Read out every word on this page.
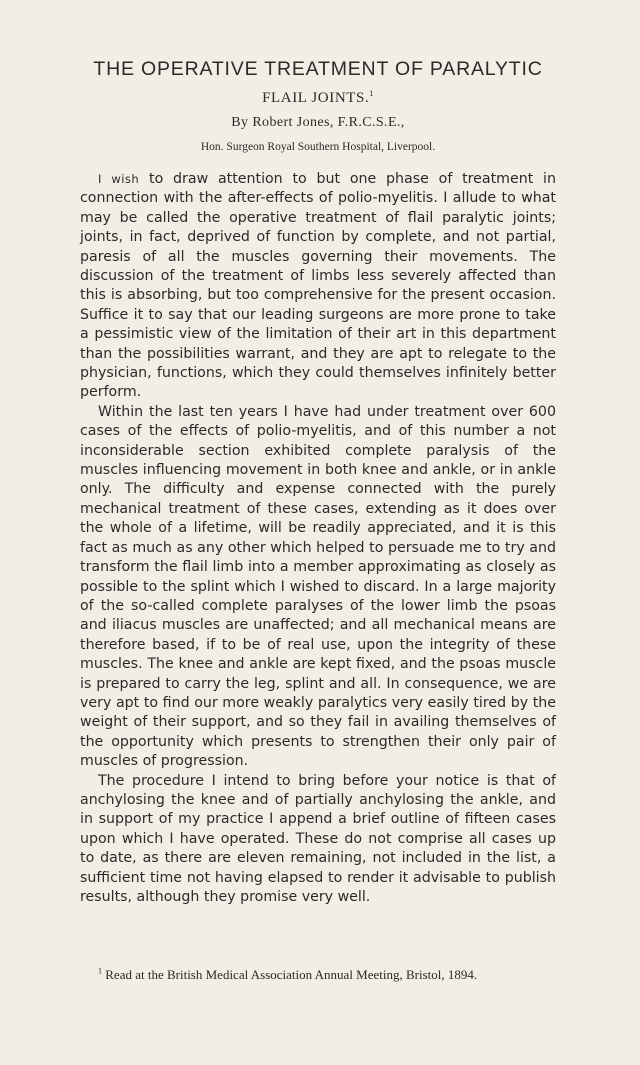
THE OPERATIVE TREATMENT OF PARALYTIC
FLAIL JOINTS.$^1$
By Robert Jones, F.R.C.S.E.,
Hon. Surgeon Royal Southern Hospital, Liverpool.

I wish to draw attention to but one phase of treatment in connection with the after-effects of polio-myelitis. I allude to what may be called the operative treatment of flail paralytic joints; joints, in fact, deprived of function by complete, and not partial, paresis of all the muscles governing their movements. The discussion of the treatment of limbs less severely affected than this is absorbing, but too comprehensive for the present occasion. Suffice it to say that our leading surgeons are more prone to take a pessimistic view of the limitation of their art in this department than the possibilities warrant, and they are apt to relegate to the physician, functions, which they could themselves infinitely better perform.

Within the last ten years I have had under treatment over 600 cases of the effects of polio-myelitis, and of this number a not inconsiderable section exhibited complete paralysis of the muscles influencing movement in both knee and ankle, or in ankle only. The difficulty and expense connected with the purely mechanical treatment of these cases, extending as it does over the whole of a lifetime, will be readily appreciated, and it is this fact as much as any other which helped to persuade me to try and transform the flail limb into a member approximating as closely as possible to the splint which I wished to discard. In a large majority of the so-called complete paralyses of the lower limb the psoas and iliacus muscles are unaffected; and all mechanical means are therefore based, if to be of real use, upon the integrity of these muscles. The knee and ankle are kept fixed, and the psoas muscle is prepared to carry the leg, splint and all. In consequence, we are very apt to find our more weakly paralytics very easily tired by the weight of their support, and so they fail in availing themselves of the opportunity which presents to strengthen their only pair of muscles of progression.

The procedure I intend to bring before your notice is that of anchylosing the knee and of partially anchylosing the ankle, and in support of my practice I append a brief outline of fifteen cases upon which I have operated. These do not comprise all cases up to date, as there are eleven remaining, not included in the list, a sufficient time not having elapsed to render it advisable to publish results, although they promise very well.

$^1$ Read at the British Medical Association Annual Meeting, Bristol, 1894.
